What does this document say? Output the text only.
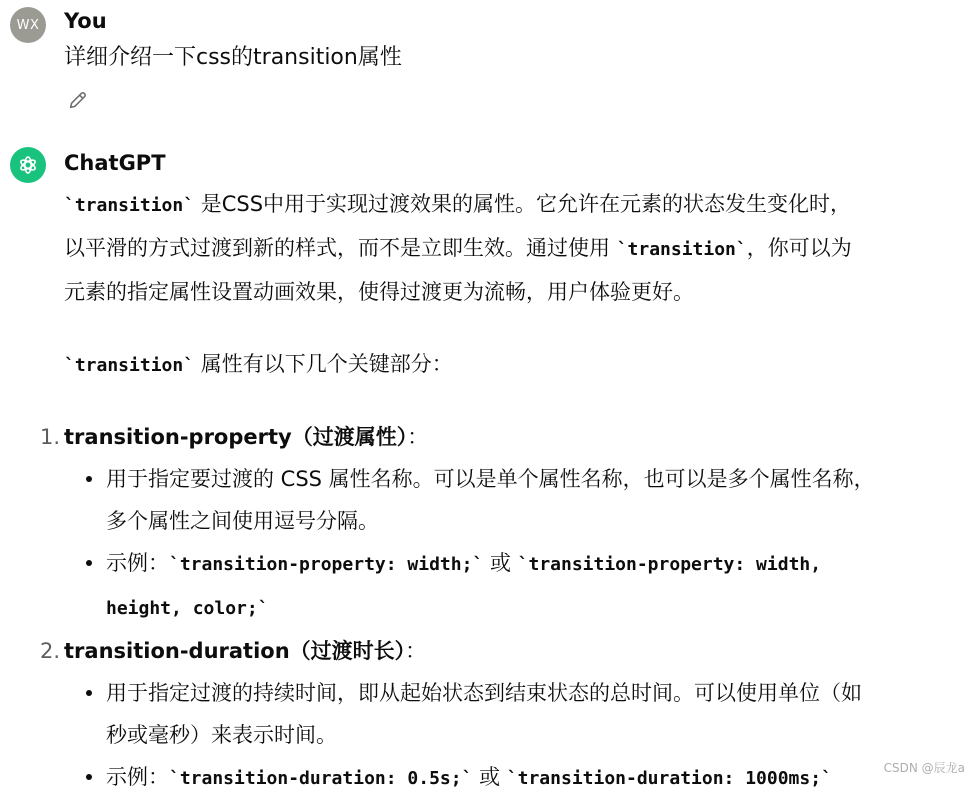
WX You
详细介绍一下css的transition属性
ChatGPT

`transition` 是CSS中用于实现过渡效果的属性。它允许在元素的状态发生变化时，
以平滑的方式过渡到新的样式，而不是立即生效。通过使用 `transition`，你可以为
元素的指定属性设置动画效果，使得过渡更为流畅，用户体验更好。

`transition` 属性有以下几个关键部分：

1. transition-property（过渡属性）：
用于指定要过渡的 CSS 属性名称。可以是单个属性名称，也可以是多个属性名称，
多个属性之间使用逗号分隔。
示例：`transition-property: width;` 或 `transition-property: width,
height, color;`
2. transition-duration（过渡时长）：
用于指定过渡的持续时间，即从起始状态到结束状态的总时间。可以使用单位（如
秒或毫秒）来表示时间。
示例：`transition-duration: 0.5s;` 或 `transition-duration: 1000ms;`	CSDN @辰龙a
